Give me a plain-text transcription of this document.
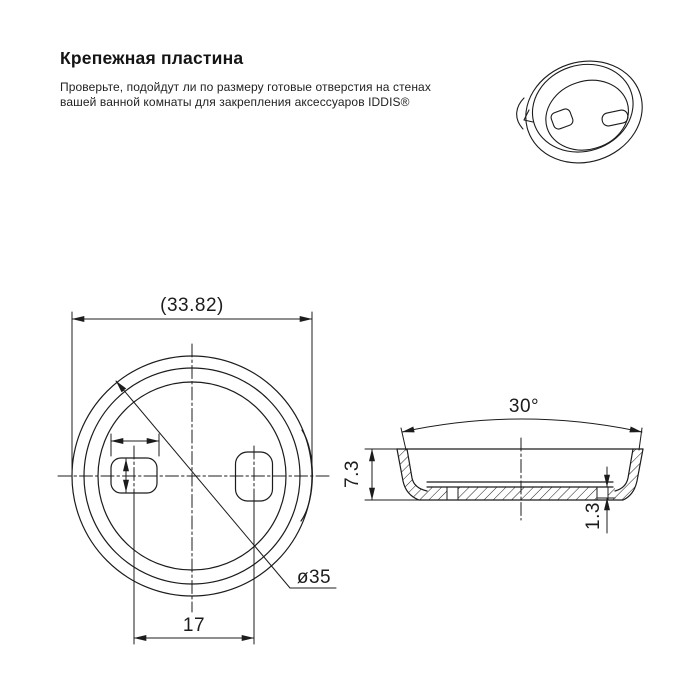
Крепежная пластина

Проверьте, подойдут ли по размеру готовые отверстия на стенах
вашей ванной комнаты для закрепления аксессуаров IDDIS®

(33.82)
17
ø35
30°
7.3
1.3
